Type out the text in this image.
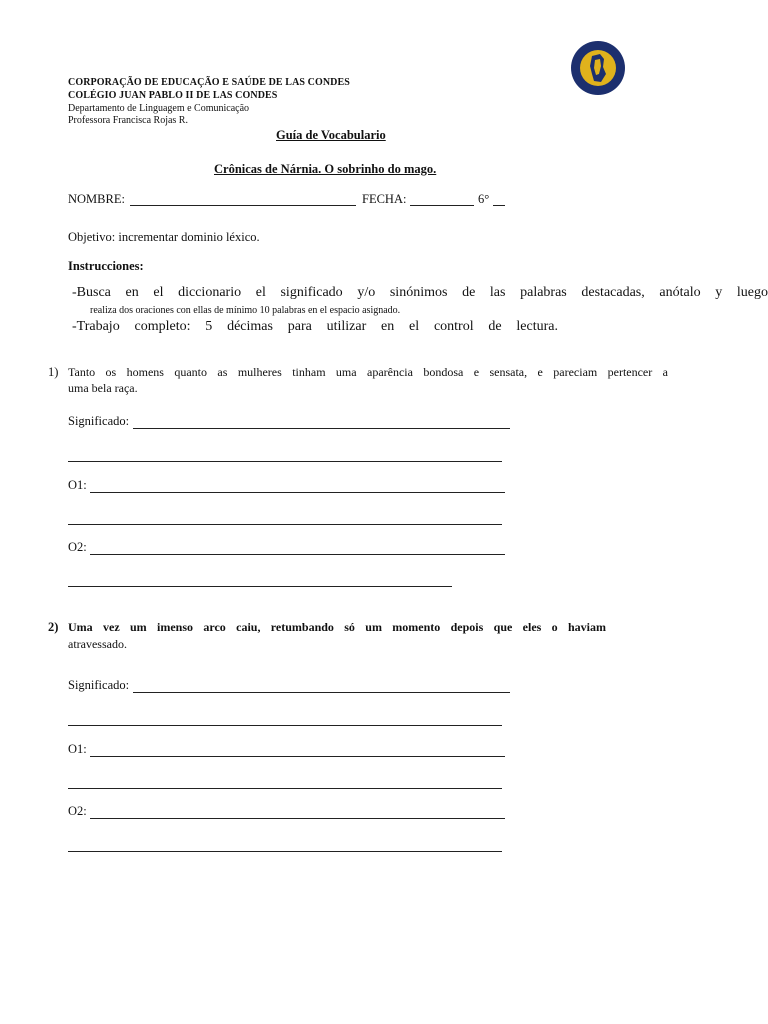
CORPORAÇÃO DE EDUCAÇÃO E SAÚDE DE LAS CONDES
COLÉGIO JUAN PABLO II DE LAS CONDES
Departamento de Linguagem e Comunicação
Professora Francisca Rojas R.
Guía de Vocabulario
Crônicas de Nárnia. O sobrinho do mago.
NOMBRE:	FECHA:	6°
Objetivo: incrementar dominio léxico.
Instrucciones:
-Busca en el diccionario el significado y/o sinónimos de las palabras destacadas, anótalo y luego
realiza dos oraciones con ellas de mínimo 10 palabras en el espacio asignado.
-Trabajo completo: 5 décimas para utilizar en el control de lectura.
1) Tanto os homens quanto as mulheres tinham uma aparência bondosa e sensata, e pareciam pertencer a
uma bela raça.
Significado:
O1:
O2:
2) Uma vez um imenso arco caiu, retumbando só um momento depois que eles o haviam
atravessado.
Significado:
O1:
O2:
